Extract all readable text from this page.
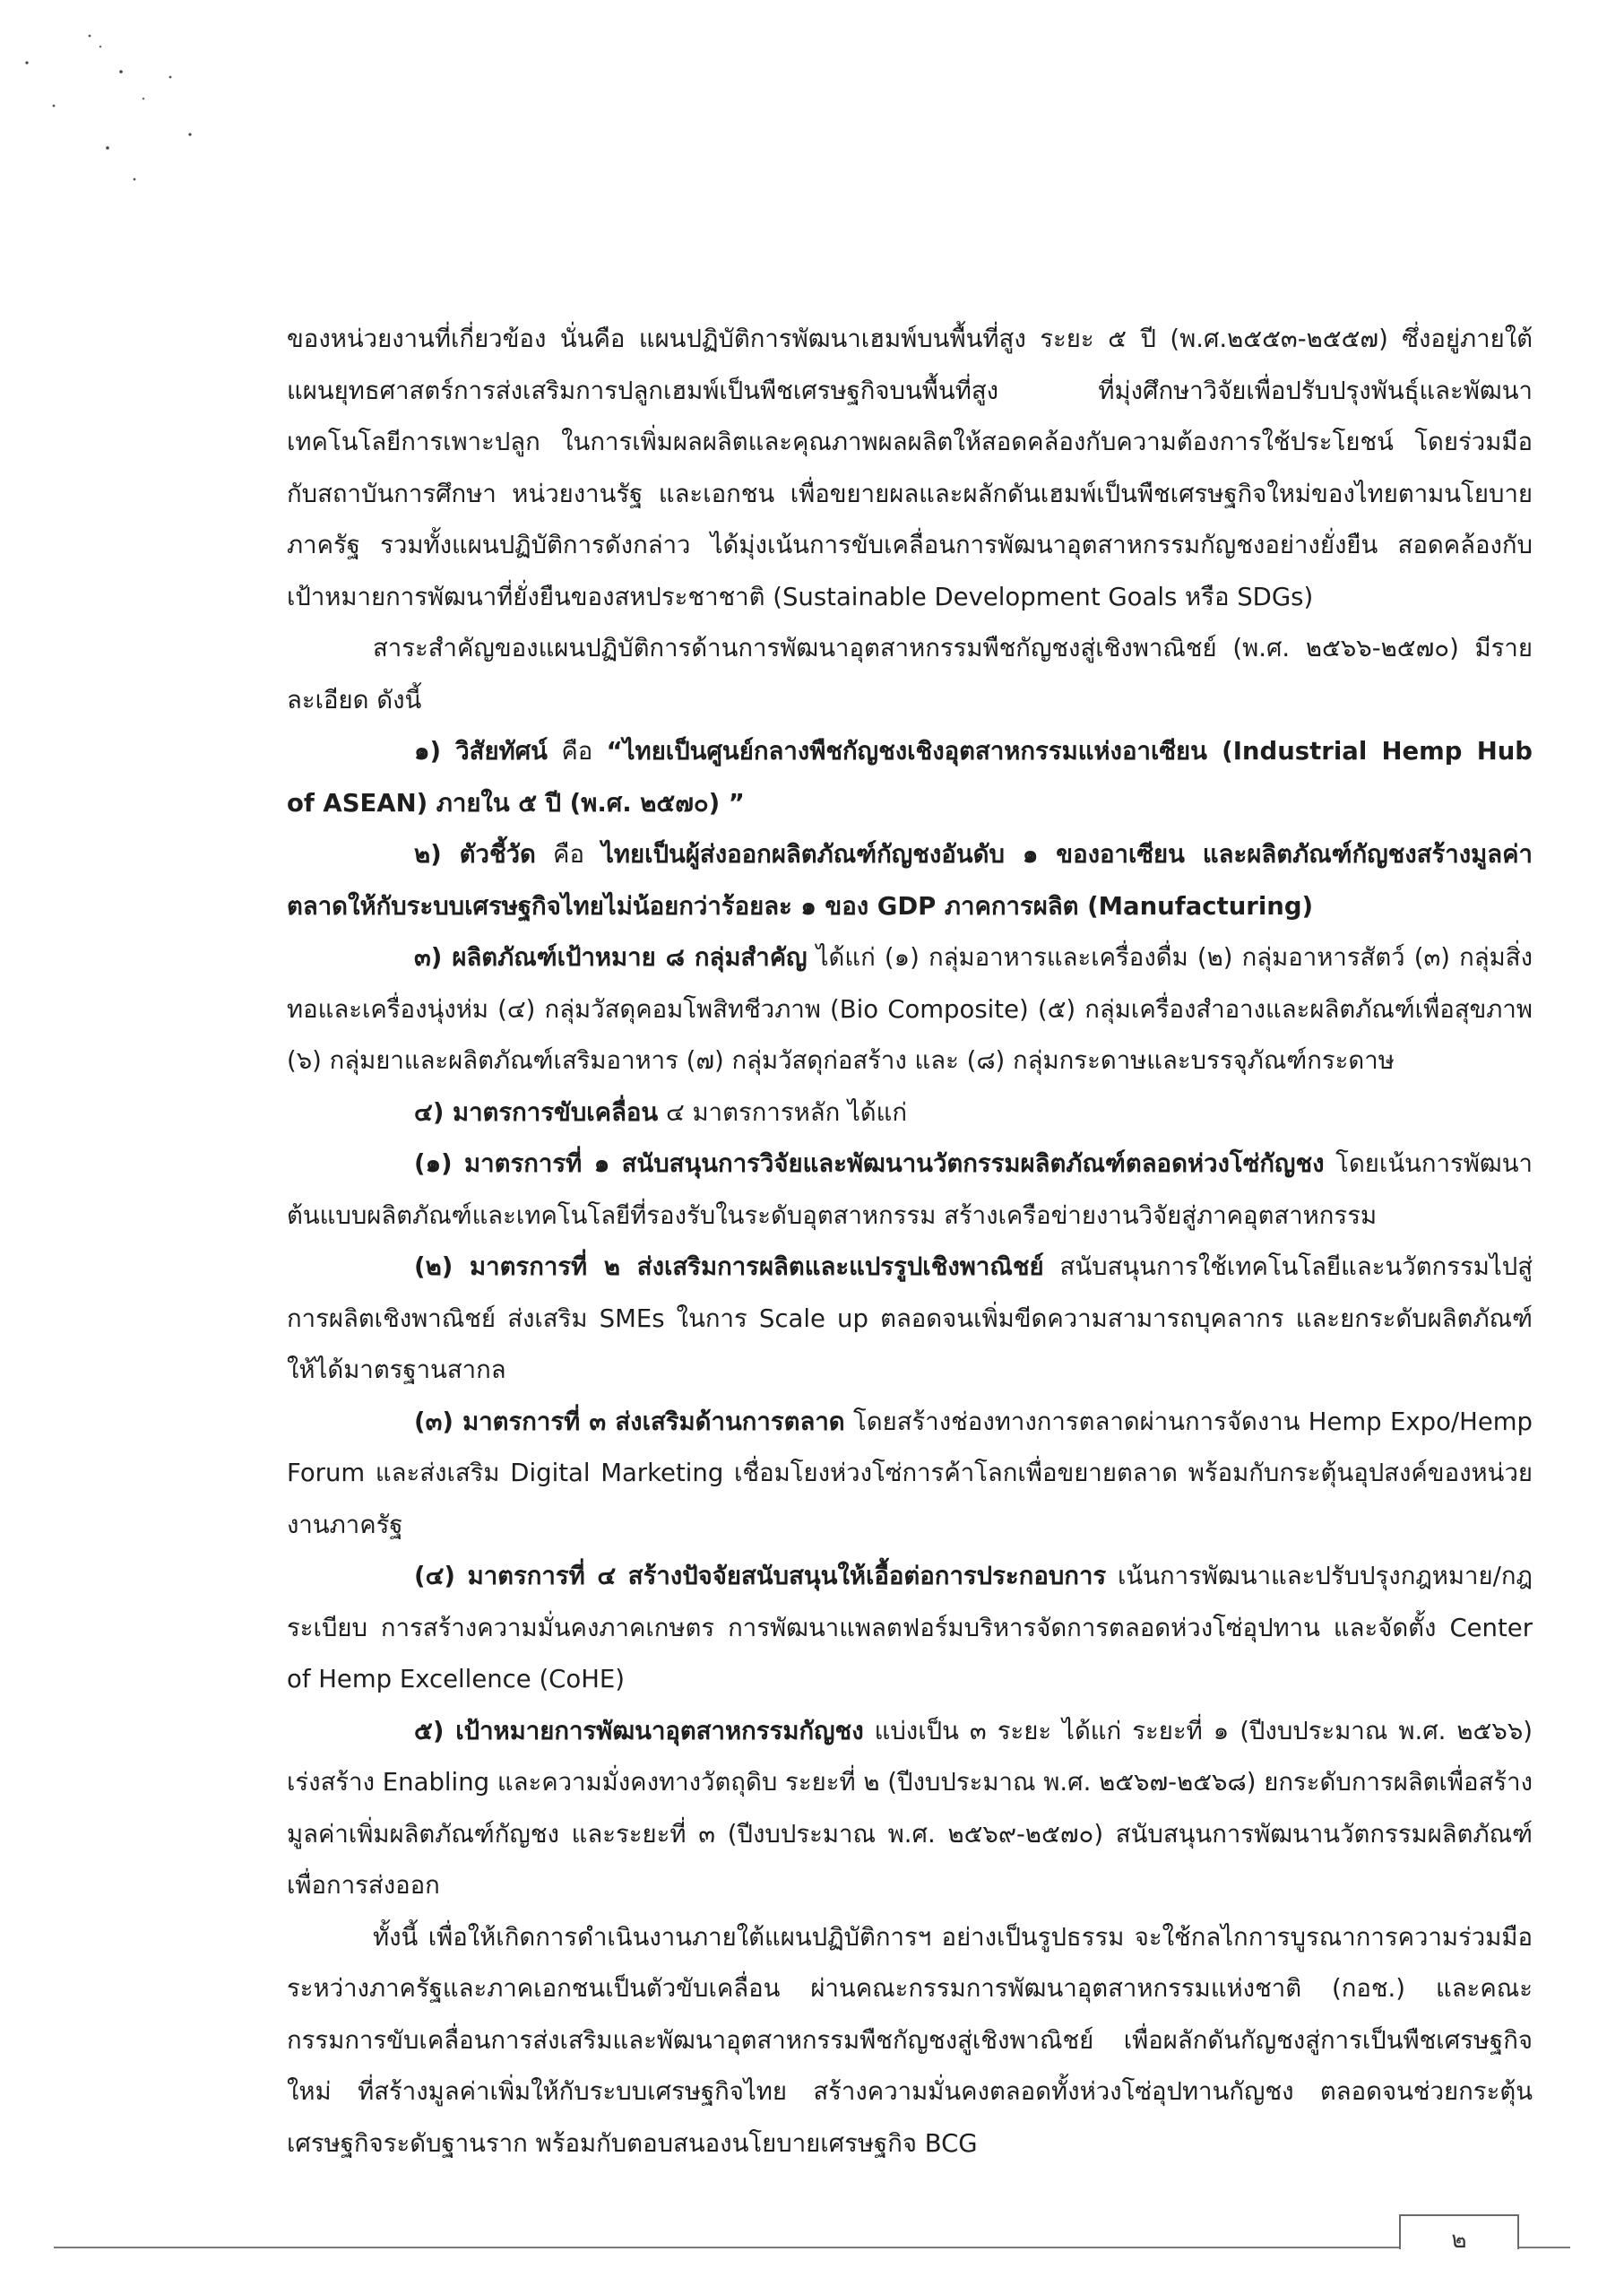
ของหน่วยงานที่เกี่ยวข้อง นั่นคือ แผนปฏิบัติการพัฒนาเฮมพ์บนพื้นที่สูง ระยะ ๕ ปี (พ.ศ.๒๕๕๓-๒๕๕๗) ซึ่งอยู่ภายใต้แผนยุทธศาสตร์การส่งเสริมการปลูกเฮมพ์เป็นพืชเศรษฐกิจบนพื้นที่สูง ที่มุ่งศึกษาวิจัยเพื่อปรับปรุงพันธุ์และพัฒนาเทคโนโลยีการเพาะปลูก ในการเพิ่มผลผลิตและคุณภาพผลผลิตให้สอดคล้องกับความต้องการใช้ประโยชน์ โดยร่วมมือกับสถาบันการศึกษา หน่วยงานรัฐ และเอกชน เพื่อขยายผลและผลักดันเฮมพ์เป็นพืชเศรษฐกิจใหม่ของไทยตามนโยบายภาครัฐ รวมทั้งแผนปฏิบัติการดังกล่าว ได้มุ่งเน้นการขับเคลื่อนการพัฒนาอุตสาหกรรมกัญชงอย่างยั่งยืน สอดคล้องกับเป้าหมายการพัฒนาที่ยั่งยืนของสหประชาชาติ (Sustainable Development Goals หรือ SDGs)

สาระสำคัญของแผนปฏิบัติการด้านการพัฒนาอุตสาหกรรมพืชกัญชงสู่เชิงพาณิชย์ (พ.ศ. ๒๕๖๖-๒๕๗๐) มีรายละเอียด ดังนี้

๑) วิสัยทัศน์ คือ “ไทยเป็นศูนย์กลางพืชกัญชงเชิงอุตสาหกรรมแห่งอาเซียน (Industrial Hemp Hub of ASEAN) ภายใน ๕ ปี (พ.ศ. ๒๕๗๐) ”

๒) ตัวชี้วัด คือ ไทยเป็นผู้ส่งออกผลิตภัณฑ์กัญชงอันดับ ๑ ของอาเซียน และผลิตภัณฑ์กัญชงสร้างมูลค่าตลาดให้กับระบบเศรษฐกิจไทยไม่น้อยกว่าร้อยละ ๑ ของ GDP ภาคการผลิต (Manufacturing)

๓) ผลิตภัณฑ์เป้าหมาย ๘ กลุ่มสำคัญ ได้แก่ (๑) กลุ่มอาหารและเครื่องดื่ม (๒) กลุ่มอาหารสัตว์ (๓) กลุ่มสิ่งทอและเครื่องนุ่งห่ม (๔) กลุ่มวัสดุคอมโพสิทชีวภาพ (Bio Composite) (๕) กลุ่มเครื่องสำอางและผลิตภัณฑ์เพื่อสุขภาพ (๖) กลุ่มยาและผลิตภัณฑ์เสริมอาหาร (๗) กลุ่มวัสดุก่อสร้าง และ (๘) กลุ่มกระดาษและบรรจุภัณฑ์กระดาษ

๔) มาตรการขับเคลื่อน ๔ มาตรการหลัก ได้แก่

(๑) มาตรการที่ ๑ สนับสนุนการวิจัยและพัฒนานวัตกรรมผลิตภัณฑ์ตลอดห่วงโซ่กัญชง โดยเน้นการพัฒนาต้นแบบผลิตภัณฑ์และเทคโนโลยีที่รองรับในระดับอุตสาหกรรม สร้างเครือข่ายงานวิจัยสู่ภาคอุตสาหกรรม

(๒) มาตรการที่ ๒ ส่งเสริมการผลิตและแปรรูปเชิงพาณิชย์ สนับสนุนการใช้เทคโนโลยีและนวัตกรรมไปสู่การผลิตเชิงพาณิชย์ ส่งเสริม SMEs ในการ Scale up ตลอดจนเพิ่มขีดความสามารถบุคลากร และยกระดับผลิตภัณฑ์ให้ได้มาตรฐานสากล

(๓) มาตรการที่ ๓ ส่งเสริมด้านการตลาด โดยสร้างช่องทางการตลาดผ่านการจัดงาน Hemp Expo/Hemp Forum และส่งเสริม Digital Marketing เชื่อมโยงห่วงโซ่การค้าโลกเพื่อขยายตลาด พร้อมกับกระตุ้นอุปสงค์ของหน่วยงานภาครัฐ

(๔) มาตรการที่ ๔ สร้างปัจจัยสนับสนุนให้เอื้อต่อการประกอบการ เน้นการพัฒนาและปรับปรุงกฎหมาย/กฎระเบียบ การสร้างความมั่นคงภาคเกษตร การพัฒนาแพลตฟอร์มบริหารจัดการตลอดห่วงโซ่อุปทาน และจัดตั้ง Center of Hemp Excellence (CoHE)

๕) เป้าหมายการพัฒนาอุตสาหกรรมกัญชง แบ่งเป็น ๓ ระยะ ได้แก่ ระยะที่ ๑ (ปีงบประมาณ พ.ศ. ๒๕๖๖) เร่งสร้าง Enabling และความมั่งคงทางวัตถุดิบ ระยะที่ ๒ (ปีงบประมาณ พ.ศ. ๒๕๖๗-๒๕๖๘) ยกระดับการผลิตเพื่อสร้างมูลค่าเพิ่มผลิตภัณฑ์กัญชง และระยะที่ ๓ (ปีงบประมาณ พ.ศ. ๒๕๖๙-๒๕๗๐) สนับสนุนการพัฒนานวัตกรรมผลิตภัณฑ์เพื่อการส่งออก

ทั้งนี้ เพื่อให้เกิดการดำเนินงานภายใต้แผนปฏิบัติการฯ อย่างเป็นรูปธรรม จะใช้กลไกการบูรณาการความร่วมมือระหว่างภาครัฐและภาคเอกชนเป็นตัวขับเคลื่อน ผ่านคณะกรรมการพัฒนาอุตสาหกรรมแห่งชาติ (กอช.) และคณะกรรมการขับเคลื่อนการส่งเสริมและพัฒนาอุตสาหกรรมพืชกัญชงสู่เชิงพาณิชย์ เพื่อผลักดันกัญชงสู่การเป็นพืชเศรษฐกิจใหม่ ที่สร้างมูลค่าเพิ่มให้กับระบบเศรษฐกิจไทย สร้างความมั่นคงตลอดทั้งห่วงโซ่อุปทานกัญชง ตลอดจนช่วยกระตุ้นเศรษฐกิจระดับฐานราก พร้อมกับตอบสนองนโยบายเศรษฐกิจ BCG

๒
